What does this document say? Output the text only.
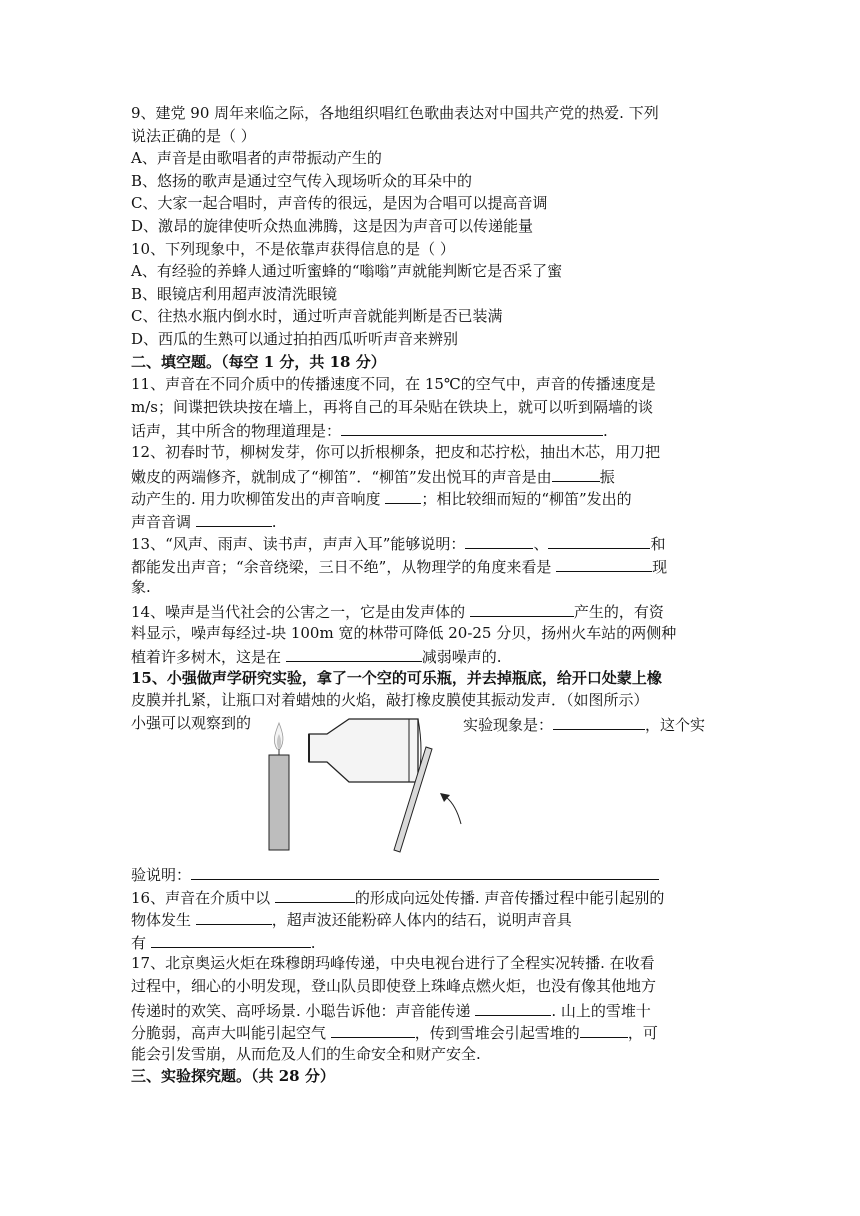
9、建党 90 周年来临之际，各地组织唱红色歌曲表达对中国共产党的热爱. 下列
说法正确的是（ ）
A、声音是由歌唱者的声带振动产生的
B、悠扬的歌声是通过空气传入现场听众的耳朵中的
C、大家一起合唱时，声音传的很远，是因为合唱可以提高音调
D、激昂的旋律使听众热血沸腾，这是因为声音可以传递能量
10、下列现象中，不是依靠声获得信息的是（ ）
A、有经验的养蜂人通过听蜜蜂的“嗡嗡”声就能判断它是否采了蜜
B、眼镜店利用超声波清洗眼镜
C、往热水瓶内倒水时，通过听声音就能判断是否已装满
D、西瓜的生熟可以通过拍拍西瓜听听声音来辨别
二、填空题。（每空 1 分，共 18 分）
11、声音在不同介质中的传播速度不同，在 15℃的空气中，声音的传播速度是
m/s；间谍把铁块按在墙上，再将自己的耳朵贴在铁块上，就可以听到隔墙的谈
话声，其中所含的物理道理是：	.
12、初春时节，柳树发芽，你可以折根柳条，把皮和芯拧松，抽出木芯，用刀把
嫩皮的两端修齐，就制成了“柳笛”．“柳笛”发出悦耳的声音是由	振
动产生的. 用力吹柳笛发出的声音响度	；相比较细而短的“柳笛”发出的
声音音调	.
13、“风声、雨声、读书声，声声入耳”能够说明：	、	和
都能发出声音；“余音绕梁，三日不绝”，从物理学的角度来看是	现
象.
14、噪声是当代社会的公害之一，它是由发声体的	产生的，有资
料显示，噪声每经过-块 100m 宽的林带可降低 20-25 分贝，扬州火车站的两侧种
植着许多树木，这是在	减弱噪声的.
15、小强做声学研究实验，拿了一个空的可乐瓶，并去掉瓶底，给开口处蒙上橡
皮膜并扎紧，让瓶口对着蜡烛的火焰，敲打橡皮膜使其振动发声．（如图所示）
小强可以观察到的	实验现象是：	，这个实
验说明：
16、声音在介质中以	的形成向远处传播. 声音传播过程中能引起别的
物体发生	，超声波还能粉碎人体内的结石，说明声音具
有	.
17、北京奥运火炬在珠穆朗玛峰传递，中央电视台进行了全程实况转播. 在收看
过程中，细心的小明发现，登山队员即使登上珠峰点燃火炬，也没有像其他地方
传递时的欢笑、高呼场景. 小聪告诉他：声音能传递	. 山上的雪堆十
分脆弱，高声大叫能引起空气	，传到雪堆会引起雪堆的	，可
能会引发雪崩，从而危及人们的生命安全和财产安全.
三、实验探究题。（共 28 分）
